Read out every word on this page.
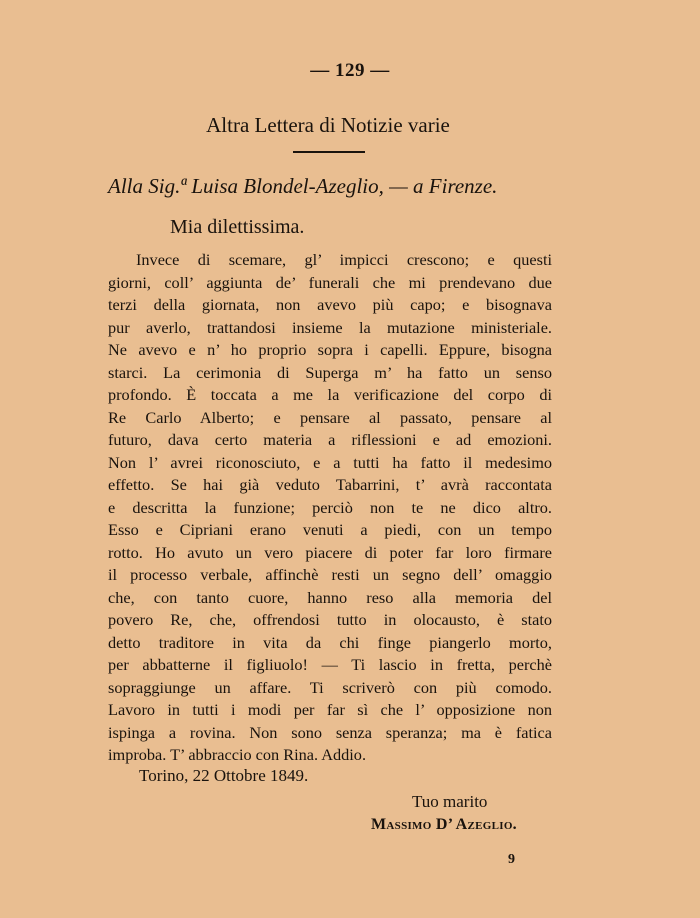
— 129 —
Altra Lettera di Notizie varie
Alla Sig.ª Luisa Blondel-Azeglio, — a Firenze.
Mia dilettissima.
Invece di scemare, gl’ impicci crescono; e questi
giorni, coll’ aggiunta de’ funerali che mi prendevano due
terzi della giornata, non avevo più capo; e bisognava
pur averlo, trattandosi insieme la mutazione ministeriale.
Ne avevo e n’ ho proprio sopra i capelli. Eppure, bisogna
starci. La cerimonia di Superga m’ ha fatto un senso
profondo. È toccata a me la verificazione del corpo di
Re Carlo Alberto; e pensare al passato, pensare al
futuro, dava certo materia a riflessioni e ad emozioni.
Non l’ avrei riconosciuto, e a tutti ha fatto il medesimo
effetto. Se hai già veduto Tabarrini, t’ avrà raccontata
e descritta la funzione; perciò non te ne dico altro.
Esso e Cipriani erano venuti a piedi, con un tempo
rotto. Ho avuto un vero piacere di poter far loro firmare
il processo verbale, affinchè resti un segno dell’ omaggio
che, con tanto cuore, hanno reso alla memoria del
povero Re, che, offrendosi tutto in olocausto, è stato
detto traditore in vita da chi finge piangerlo morto,
per abbatterne il figliuolo! — Ti lascio in fretta, perchè
sopraggiunge un affare. Ti scriverò con più comodo.
Lavoro in tutti i modi per far sì che l’ opposizione non
ispinga a rovina. Non sono senza speranza; ma è fatica
improba. T’ abbraccio con Rina. Addio.
Torino, 22 Ottobre 1849.
Tuo marito
Massimo D’ Azeglio.
9
